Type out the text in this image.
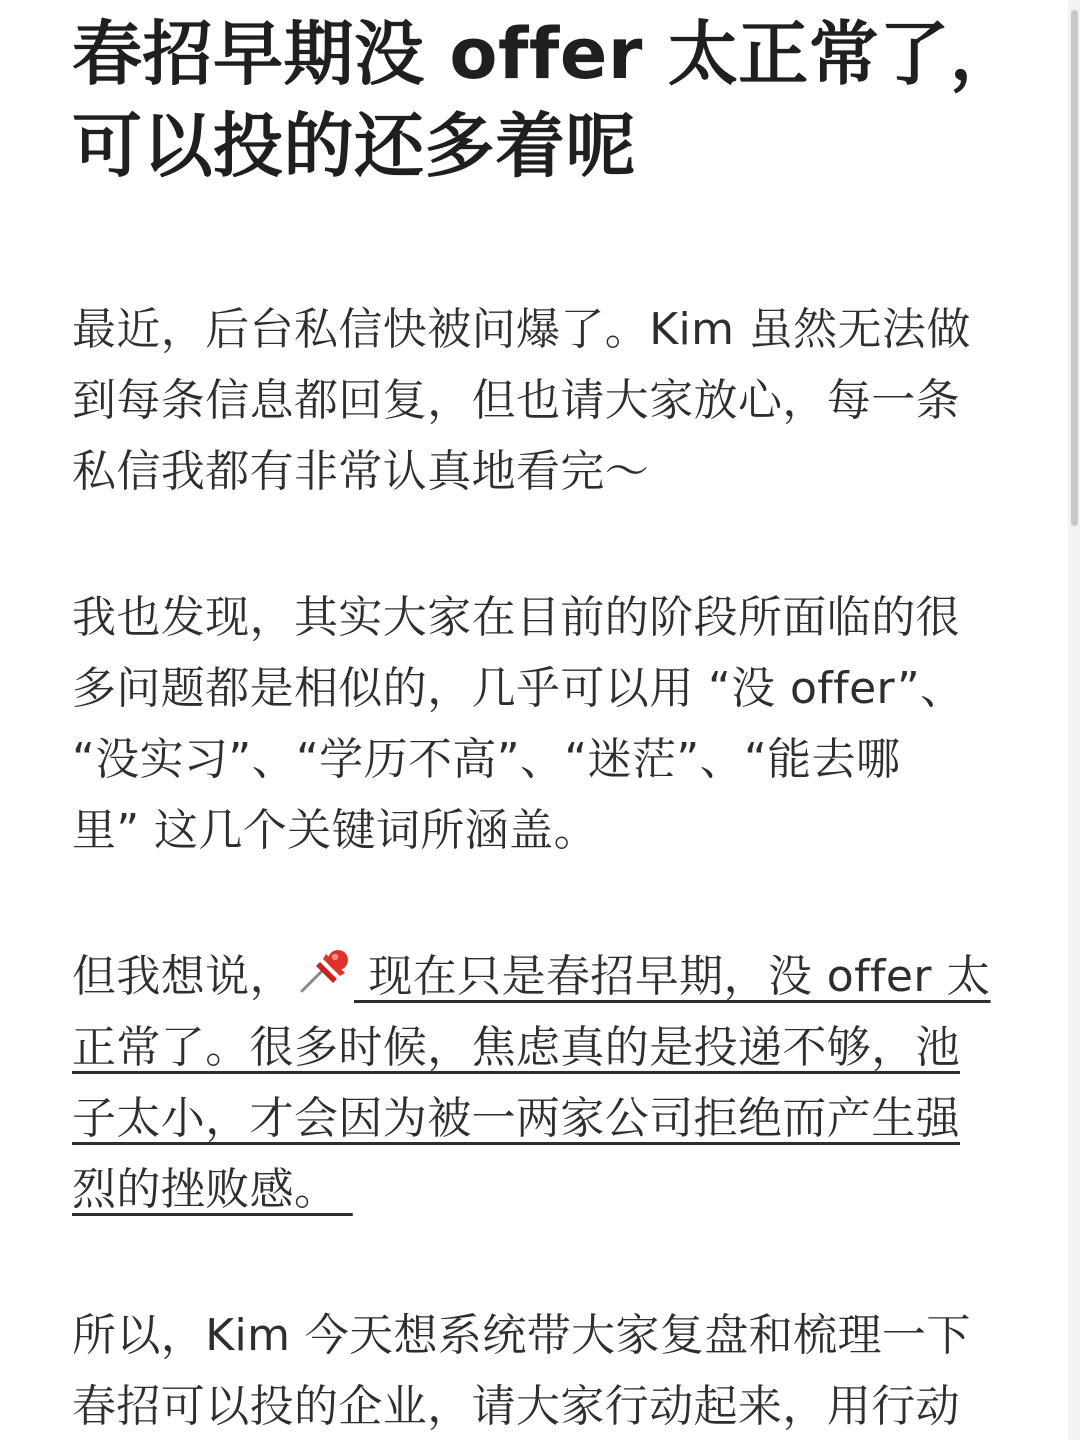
春招早期没 offer 太正常了，
可以投的还多着呢

最近，后台私信快被问爆了。Kim 虽然无法做
到每条信息都回复，但也请大家放心，每一条
私信我都有非常认真地看完～

我也发现，其实大家在目前的阶段所面临的很
多问题都是相似的，几乎可以用 “没 offer”、
“没实习”、“学历不高”、“迷茫”、“能去哪
里” 这几个关键词所涵盖。

但我想说， 现在只是春招早期，没 offer 太
正常了。很多时候，焦虑真的是投递不够，池
子太小，才会因为被一两家公司拒绝而产生强
烈的挫败感。

所以，Kim 今天想系统带大家复盘和梳理一下
春招可以投的企业，请大家行动起来，用行动
